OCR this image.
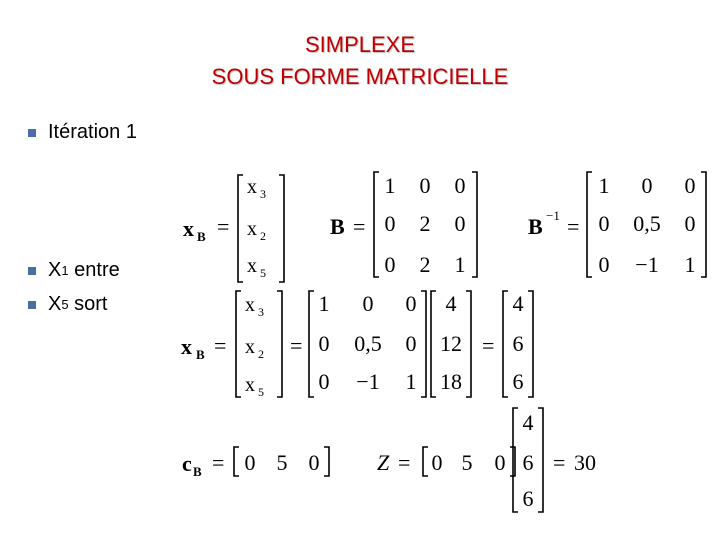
SIMPLEXE
SOUS FORME MATRICIELLE
Itération 1
X 1 entre
X 5 sort
x B =
x $_3$
x $_2$
x $_5$
B =
1 0 0
0 2 0
0 2 1
B −1 =
1 0 0
0 0,5 0
0 −1 1
x B =
x $_3$
x $_2$
x $_5$
=
1 0 0
0 0,5 0
0 −1 1
4
12
18
=
4
6
6
c B = 0 5 0	Z = 0 5 0
4
6
6
= 30
